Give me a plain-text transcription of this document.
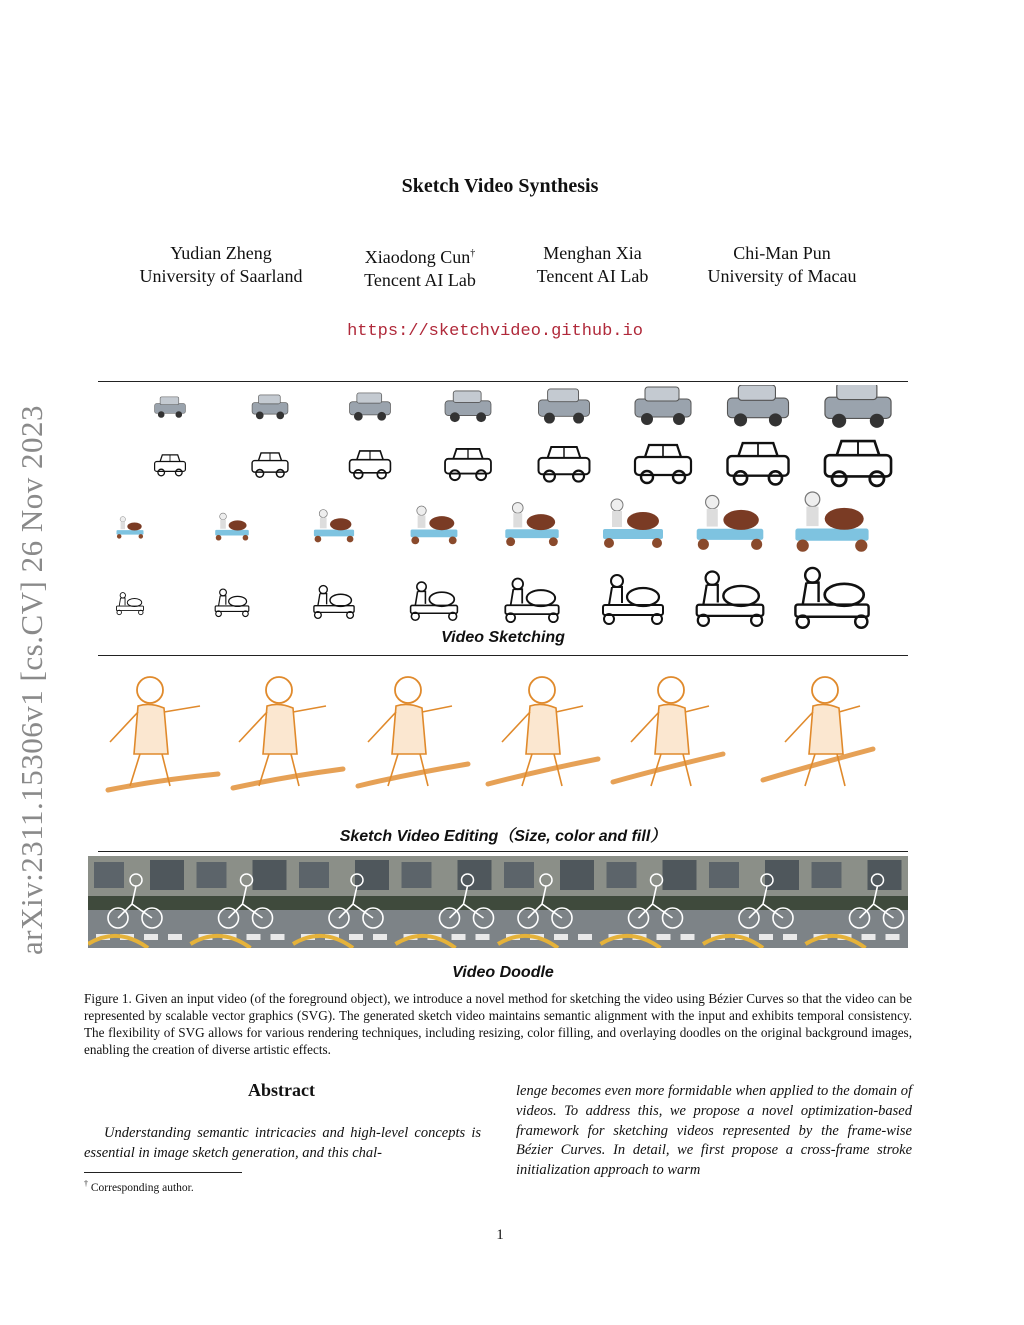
arXiv:2311.15306v1 [cs.CV] 26 Nov 2023
Sketch Video Synthesis
Yudian Zheng
University of Saarland
Xiaodong Cun†
Tencent AI Lab
Menghan Xia
Tencent AI Lab
Chi-Man Pun
University of Macau
https://sketchvideo.github.io
Video Sketching
Sketch Video Editing（Size, color and fill）
Video Doodle
Figure 1. Given an input video (of the foreground object), we introduce a novel method for sketching the video using Bézier Curves so that the video can be represented by scalable vector graphics (SVG). The generated sketch video maintains semantic alignment with the input and exhibits temporal consistency. The flexibility of SVG allows for various rendering techniques, including resizing, color filling, and overlaying doodles on the original background images, enabling the creation of diverse artistic effects.
Abstract
Understanding semantic intricacies and high-level concepts is essential in image sketch generation, and this chal-
lenge becomes even more formidable when applied to the domain of videos. To address this, we propose a novel optimization-based framework for sketching videos represented by the frame-wise Bézier Curves. In detail, we first propose a cross-frame stroke initialization approach to warm
† Corresponding author.
1
